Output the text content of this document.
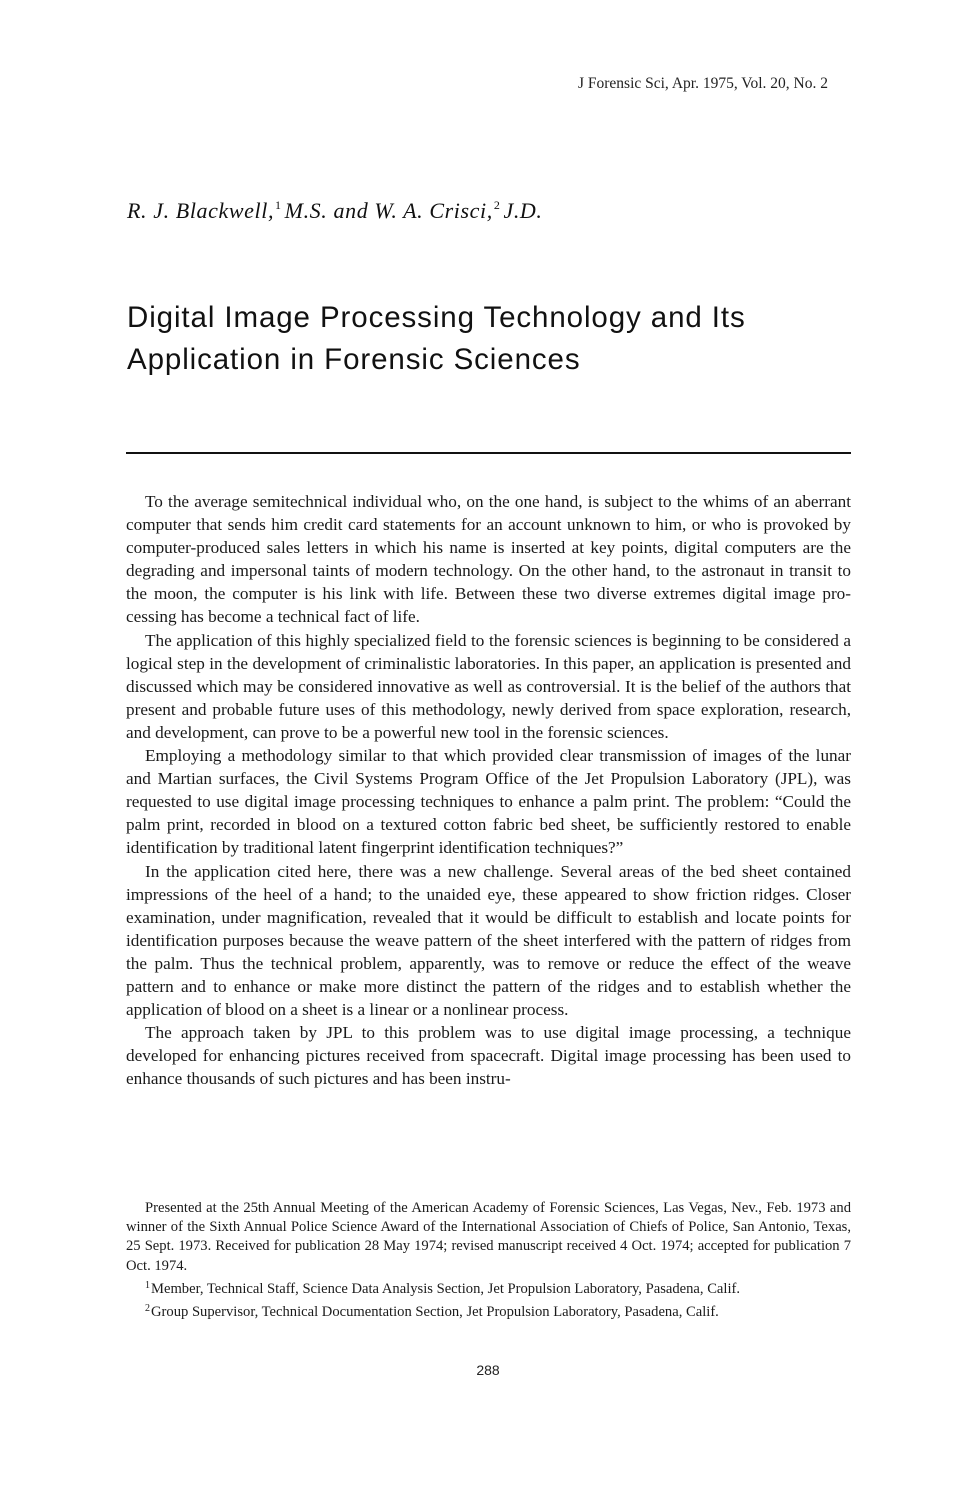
J Forensic Sci, Apr. 1975, Vol. 20, No. 2
R. J. Blackwell,$^1$ M.S. and W. A. Crisci,$^2$ J.D.
Digital Image Processing Technology and Its
Application in Forensic Sciences

To the average semitechnical individual who, on the one hand, is subject to the whims of an aberrant computer that sends him credit card statements for an account unknown to him, or who is provoked by computer-produced sales letters in which his name is inserted at key points, digital computers are the degrading and impersonal taints of modern technology. On the other hand, to the astronaut in transit to the moon, the computer is his link with life. Between these two diverse extremes digital image processing has become a technical fact of life.

The application of this highly specialized field to the forensic sciences is beginning to be considered a logical step in the development of criminalistic laboratories. In this paper, an application is presented and discussed which may be considered innovative as well as controversial. It is the belief of the authors that present and probable future uses of this methodology, newly derived from space exploration, research, and development, can prove to be a powerful new tool in the forensic sciences.

Employing a methodology similar to that which provided clear transmission of images of the lunar and Martian surfaces, the Civil Systems Program Office of the Jet Propulsion Laboratory (JPL), was requested to use digital image processing techniques to enhance a palm print. The problem: “Could the palm print, recorded in blood on a textured cotton fabric bed sheet, be sufficiently restored to enable identification by traditional latent fingerprint identification techniques?”

In the application cited here, there was a new challenge. Several areas of the bed sheet contained impressions of the heel of a hand; to the unaided eye, these appeared to show friction ridges. Closer examination, under magnification, revealed that it would be difficult to establish and locate points for identification purposes because the weave pattern of the sheet interfered with the pattern of ridges from the palm. Thus the technical problem, apparently, was to remove or reduce the effect of the weave pattern and to enhance or make more distinct the pattern of the ridges and to establish whether the application of blood on a sheet is a linear or a nonlinear process.

The approach taken by JPL to this problem was to use digital image processing, a technique developed for enhancing pictures received from spacecraft. Digital image processing has been used to enhance thousands of such pictures and has been instru-

Presented at the 25th Annual Meeting of the American Academy of Forensic Sciences, Las Vegas, Nev., Feb. 1973 and winner of the Sixth Annual Police Science Award of the International Association of Chiefs of Police, San Antonio, Texas, 25 Sept. 1973. Received for publication 28 May 1974; revised manuscript received 4 Oct. 1974; accepted for publication 7 Oct. 1974.

$^1$Member, Technical Staff, Science Data Analysis Section, Jet Propulsion Laboratory, Pasadena, Calif.

$^2$Group Supervisor, Technical Documentation Section, Jet Propulsion Laboratory, Pasadena, Calif.

288
